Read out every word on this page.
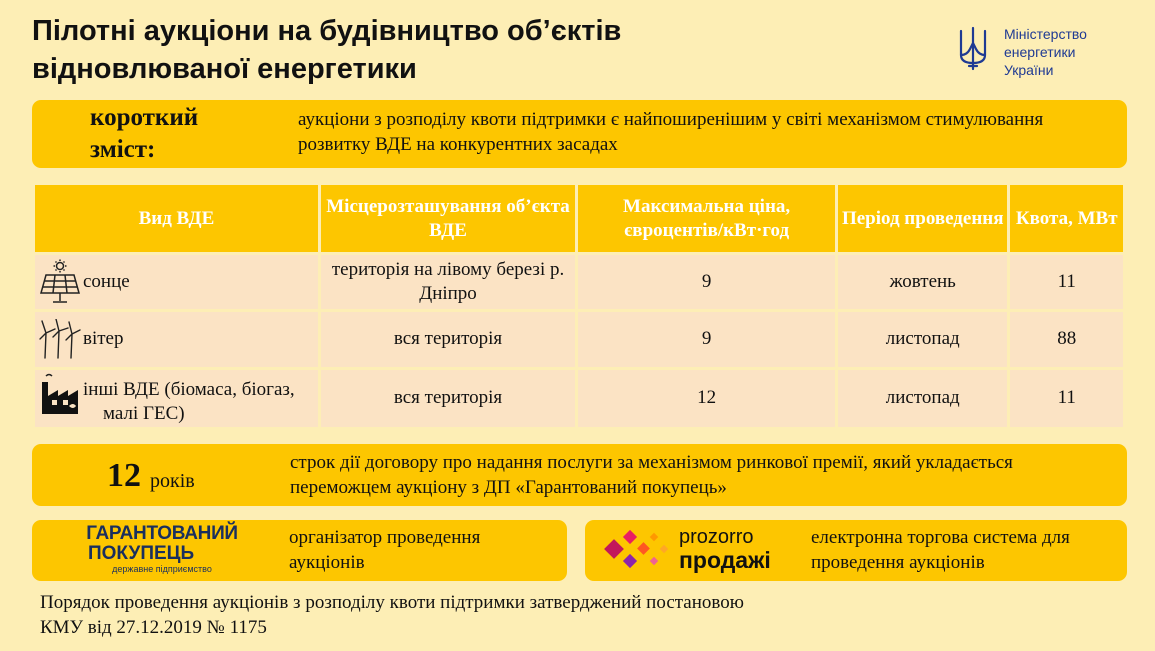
Пілотні аукціони на будівництво об’єктів відновлюваної енергетики
Міністерство
енергетики
України
короткий
зміст:
аукціони з розподілу квоти підтримки є найпоширенішим у світі механізмом стимулювання розвитку ВДЕ на конкурентних засадах
Вид ВДЕ	Місцерозташування об’єкта ВДЕ	Максимальна ціна, євроцентів/кВт·год	Період проведення	Квота, МВт

сонце	територія на лівому березі р. Дніпро	9	жовтень	11

вітер	вся територія	9	листопад	88

інші ВДЕ (біомаса, біогаз, малі ГЕС)	вся територія	12	листопад	11
12 років
строк дії договору про надання послуги за механізмом ринкової премії, який укладається переможцем аукціону з ДП «Гарантований покупець»
ГАРАНТОВАНИЙ
ПОКУПЕЦЬ
державне підприємство
організатор проведення аукціонів
prozorro
продажі
електронна торгова система для проведення аукціонів
Порядок проведення аукціонів з розподілу квоти підтримки затверджений постановою КМУ від 27.12.2019 № 1175
